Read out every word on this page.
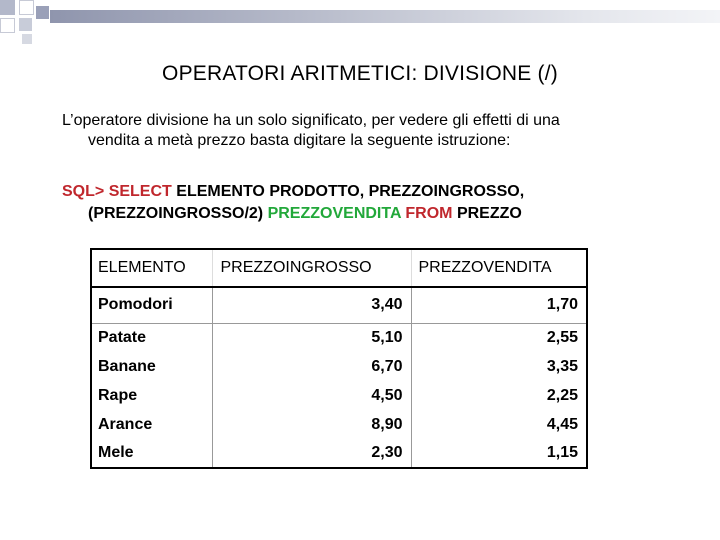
OPERATORI ARITMETICI: DIVISIONE (/)
L’operatore divisione ha un solo significato, per vedere gli effetti di una
vendita a metà prezzo basta digitare la seguente istruzione:
SQL> SELECT ELEMENTO PRODOTTO, PREZZOINGROSSO,
(PREZZOINGROSSO/2) PREZZOVENDITA FROM PREZZO
ELEMENTO	PREZZOINGROSSO	PREZZOVENDITA
Pomodori	3,40	1,70
Patate	5,10	2,55
Banane	6,70	3,35
Rape	4,50	2,25
Arance	8,90	4,45
Mele	2,30	1,15
